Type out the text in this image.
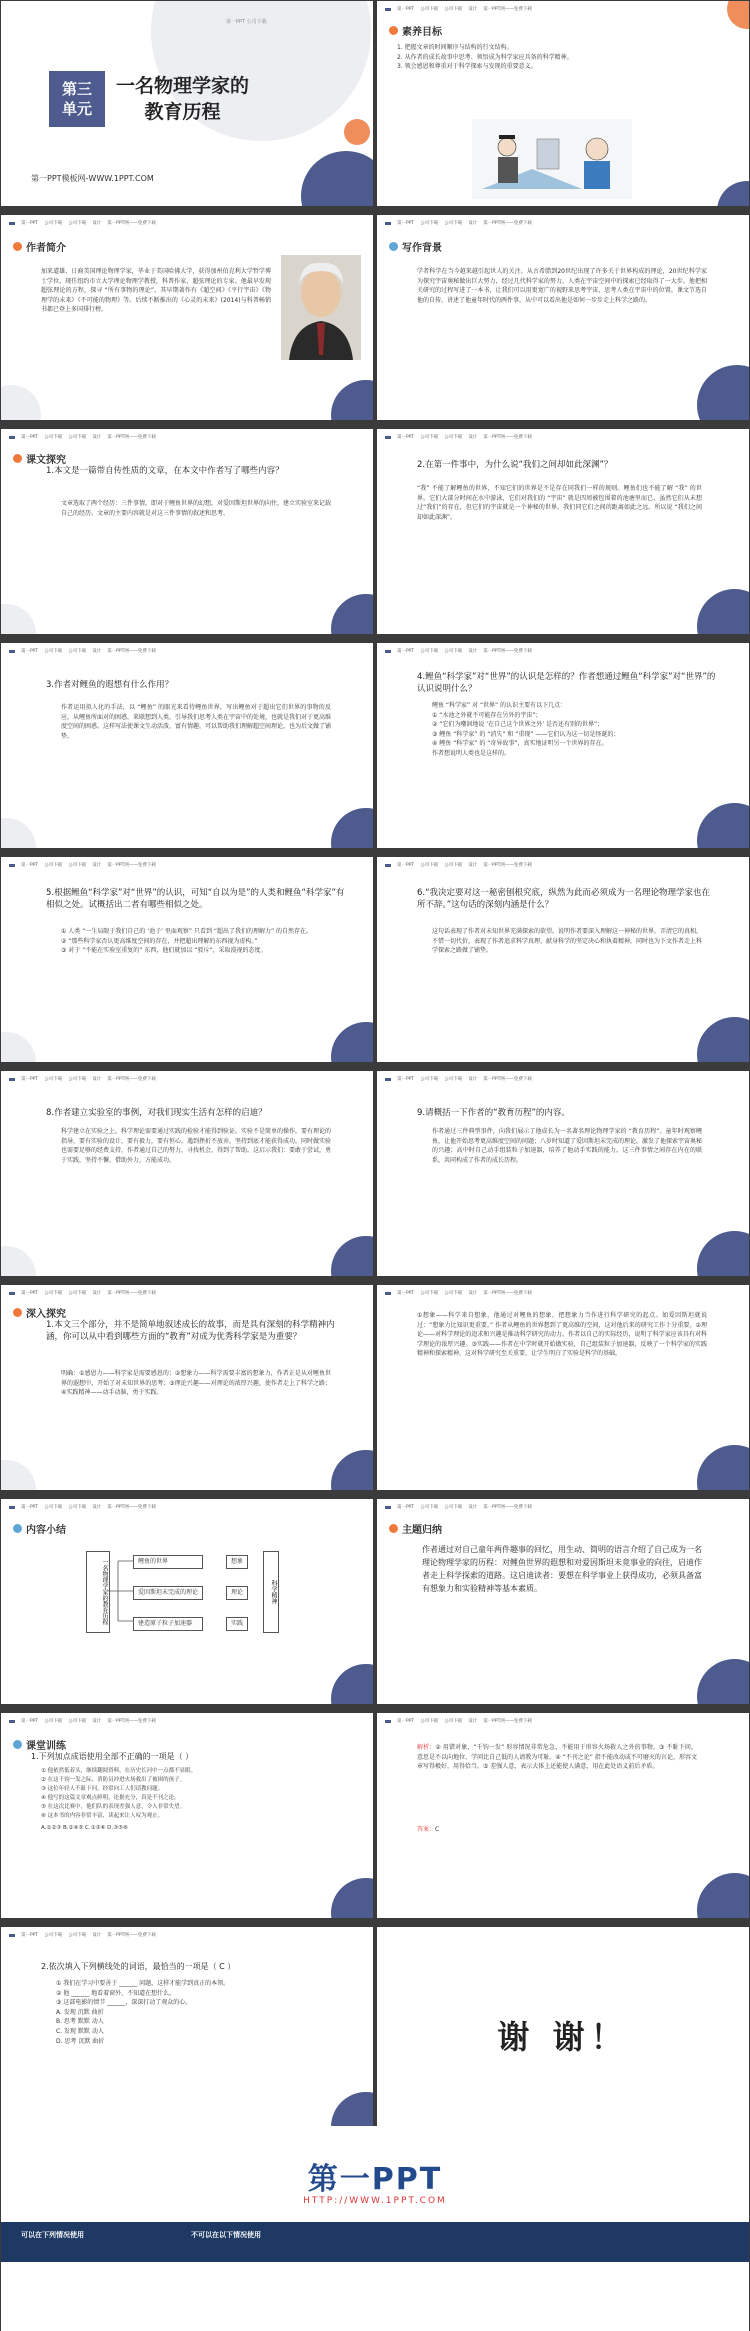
第一PPT 公司下载
第三
单元
一名物理学家的
教育历程
第一PPT模板网-WWW.1PPT.COM
第一PPT 公司下载 公司下载 设计 第一PPT网——免费下载
素养目标
1. 把握文章的时间顺序与结构的行文结构。
2. 从作者的成长故事中思考、领悟成为科学家应具备的科学精神。
3. 领会感恩和尊重对于科学探索与发现的重要意义。
第一PPT 公司下载 公司下载 设计 第一PPT网——免费下载
作者简介
加来道雄，日裔美国理论物理学家，毕业于美国哈佛大学，获得加州伯克利大学哲学博士学位，现任纽约市立大学理论物理学教授，科普作家，超弦理论的专家。他最早发现超弦理论的方程，探寻 “所有事物的理论”，其早期著作有《超空间》《平行宇宙》《物理学的未来》《不可能的物理》等。后续不断推出的《心灵的未来》(2014)与科普畅销书都已登上多国排行榜。
第一PPT 公司下载 公司下载 设计 第一PPT网——免费下载
写作背景
学者科学在当今越来越引起世人的关注。从古希腊到20世纪出现了许多关于世界构成的理论，20世纪科学家为探究宇宙奥秘做出巨大努力，经过几代科学家的努力，人类在宇宙空间中的探索已经取得了一大步。他把相关研究的过程写进了一本书，让我们可以用更宽广的视野来思考宇宙，思考人类在宇宙中的位置。课文节选自他的自传，讲述了他童年时代的两件事，从中可以看出他是如何一步步走上科学之路的。
第一PPT 公司下载 公司下载 设计 第一PPT网——免费下载
课文探究
1.本文是一篇带自传性质的文章，在本文中作者写了哪些内容？
文章选取了两个经历：三件事情，即对于鲤鱼世界的幻想，对爱因斯坦世界的向往，建立实验室来记载自己的经历。文章的主要内容就是对这三件事情的叙述和思考。
第一PPT 公司下载 公司下载 设计 第一PPT网——免费下载
2.在第一件事中，为什么说“我们之间却如此深渊”？
“我” 不能了解鲤鱼的世界，不知它们的世界是不是存在同我们一样的规则。鲤鱼们也不能了解 “我” 的世界。它们大部分时间在水中游泳，它们对我们的 “宇宙” 就是四周被包围着的池塘里而已，虽然它们从未想过“我们”的存在，但它们的宇宙就是一个神秘的世界。我们同它们之间的距离如此之远。所以说 “我们之间却如此深渊”。
第一PPT 公司下载 公司下载 设计 第一PPT网——免费下载
3.作者对鲤鱼的遐想有什么作用？
作者运用拟人化的手法，以 “鲤鱼” 的眼光来看待鲤鱼世界，写出鲤鱼对于超出它们世界的事物的反应，从鲤鱼所面对的困惑，来联想到人类，引导我们思考人类在宇宙中的处境，也就是我们对于更高维度空间的困惑。这样写法使课文生动活泼、富有情趣，可以帮助我们理解超空间理论，也为后文做了铺垫。
第一PPT 公司下载 公司下载 设计 第一PPT网——免费下载
4.鲤鱼“科学家”对“世界”的认识是怎样的？作者想通过鲤鱼“科学家”对“世界”的认识说明什么？
鲤鱼 “科学家” 对 “世界” 的认识主要有以下几点：
① “水池之外就不可能存在另外的宇宙”；
② “它们为嘲讽地说 ‘在自己这个世界之外’ 是否还有别的世界”；
③ 鲤鱼 “科学家” 的 “消失” 和 “重现” ——它们认为这一切是怪诞的；
④ 鲤鱼 “科学家” 的 “奇异故事”，真实地证明另一个世界的存在。
作者想说明人类也是这样的。
第一PPT 公司下载 公司下载 设计 第一PPT网——免费下载
5.根据鲤鱼“科学家”对“世界”的认识，可知“自以为是”的人类和鲤鱼“科学家”有相似之处。试概括出二者有哪些相似之处。
① 人类 “一生局限于我们自己的 ‘池子’ 里面观察” 只看到 “超出了我们的理解力” 的自然存在。
② “那些科学家否认更高维度空间的存在，并把超出理解的东西视为虚构。”
③ 对于 “不能在实验室重复的” 东西，他们就加以 “驳斥”，采取漠视的态度。
第一PPT 公司下载 公司下载 设计 第一PPT网——免费下载
6.“我决定要对这一秘密刨根究底，纵然为此而必须成为一名理论物理学家也在所不辞。”这句话的深刻内涵是什么？
这句话表现了作者对未知世界充满探索的欲望。说明作者要深入理解这一神秘的世界，弄清它的真相，不惜一切代价，表现了作者追求科学真理、献身科学的坚定决心和执着精神，同时也为下文作者走上科学探索之路做了铺垫。
第一PPT 公司下载 公司下载 设计 第一PPT网——免费下载
8.作者建立实验室的事例，对我们现实生活有怎样的启迪？
科学建立在实验之上，科学理论需要通过实践的检验才能得到验证。实验不是简单的操作，要有理论的指导，要有实验的设计，要有毅力，要有恒心，遇到挫折不放弃，坚持到底才能获得成功。同时做实验也需要足够的经费支持，作者通过自己的努力，寻找机会，得到了帮助。这启示我们：要敢于尝试，勇于实践，坚持不懈，借助外力，方能成功。
第一PPT 公司下载 公司下载 设计 第一PPT网——免费下载
9.请概括一下作者的“教育历程”的内容。
作者通过三件典型事件，向我们展示了他成长为一名著名理论物理学家的 “教育历程”。童年时观察鲤鱼，让他开始思考更高维度空间的问题；八岁时知道了爱因斯坦未完成的理论，激发了他探索宇宙奥秘的兴趣；高中时自己动手组装粒子加速器，培养了他动手实践的能力。这三件事情之间存在内在的联系，共同构成了作者的成长历程。
第一PPT 公司下载 公司下载 设计 第一PPT网——免费下载
深入探究
1.本文三个部分，并不是简单地叙述成长的故事，而是具有深刻的科学精神内涵，你可以从中看到哪些方面的“教育”对成为优秀科学家是为重要？
明确：①感恩力——科学家是需要感恩的；②想象力——科学需要丰富的想象力，作者正是从对鲤鱼世界的遐想中，开始了对未知世界的思考；③理论兴趣——对理论的浓厚兴趣，使作者走上了科学之路；④实践精神——动手动脑，勇于实践。
第一PPT 公司下载 公司下载 设计 第一PPT网——免费下载
①想象——科学来自想象，他通过对鲤鱼的想象，把想象力当作进行科学研究的起点。如爱因斯坦就说过：“想象力比知识更重要。” 作者从鲤鱼的世界想到了更高维的空间，这对他后来的研究工作十分重要。②理论——对科学理论的追求和兴趣是推动科学研究的动力。作者以自己的实际经历，说明了科学家应该具有对科学理论的浓厚兴趣。③实践——作者在中学时就开始做实验，自己组装粒子加速器，反映了一个科学家的实践精神和探索精神，这对科学研究至关重要，让学生明白了实验是科学的基础。
第一PPT 公司下载 公司下载 设计 第一PPT网——免费下载
内容小结
一名物理学家的教育历程	鲤鱼的世界
爱因斯坦未完成的理论
建造原子粒子加速器
想象
理论
实践
科学精神
第一PPT 公司下载 公司下载 设计 第一PPT网——免费下载
主题归纳
作者通过对自己童年两件趣事的回忆，用生动、简明的语言介绍了自己成为一名理论物理学家的历程：对鲤鱼世界的遐想和对爱因斯坦未竟事业的向往，启迪作者走上科学探索的道路。这启迪读者：要想在科学事业上获得成功，必须具备富有想象力和实验精神等基本素质。
第一PPT 公司下载 公司下载 设计 第一PPT网——免费下载
课堂训练
1.下列加点成语使用全部不正确的一项是（ ）
① 他依然低着头，继续翻阅资料，在历史长河中一点都不显眼。
② 在这千钧一发之际，消防员冲进火场救出了被困的孩子。
③ 这位年轻人不耻下问，经常向工人们请教问题。
④ 他写的这篇文章观点鲜明，论据充分，真是不刊之论。
⑤ 在这次比赛中，他们队的表现差强人意，令人非常失望。
⑥ 这本书的内容非常丰富，读起来让人叹为观止。
A.①②③ B.②④⑤ C.①③⑥ D.③⑤⑥
第一PPT 公司下载 公司下载 设计 第一PPT网——免费下载
解析：② 用错对象，“千钧一发” 形容情况非常危急，不能用于形容火场救人之外的事物。③ 不耻下问，意思是不以向地位、学问比自己低的人请教为可耻。④ “不刊之论” 指不能改动或不可磨灭的言论，形容文章写得极好，用得恰当。⑤ 差强人意，表示大体上还能使人满意，用在此处语义前后矛盾。
答案：C
第一PPT 公司下载 公司下载 设计 第一PPT网——免费下载
2.依次填入下列横线处的词语，最恰当的一项是（ C ）
① 我们在学习中要善于 ______ 问题，这样才能学到真正的本领。
② 他 ______ 地看着窗外，不知道在想什么。
③ 这部电影的情节 ______，深深打动了观众的心。
A. 发现 沉默 曲折
B. 思考 默默 动人
C. 发现 默默 动人
D. 思考 沉默 曲折	谢 谢！
第一PPT
HTTP://WWW.1PPT.COM
可以在下列情况使用	不可以在以下情况使用
